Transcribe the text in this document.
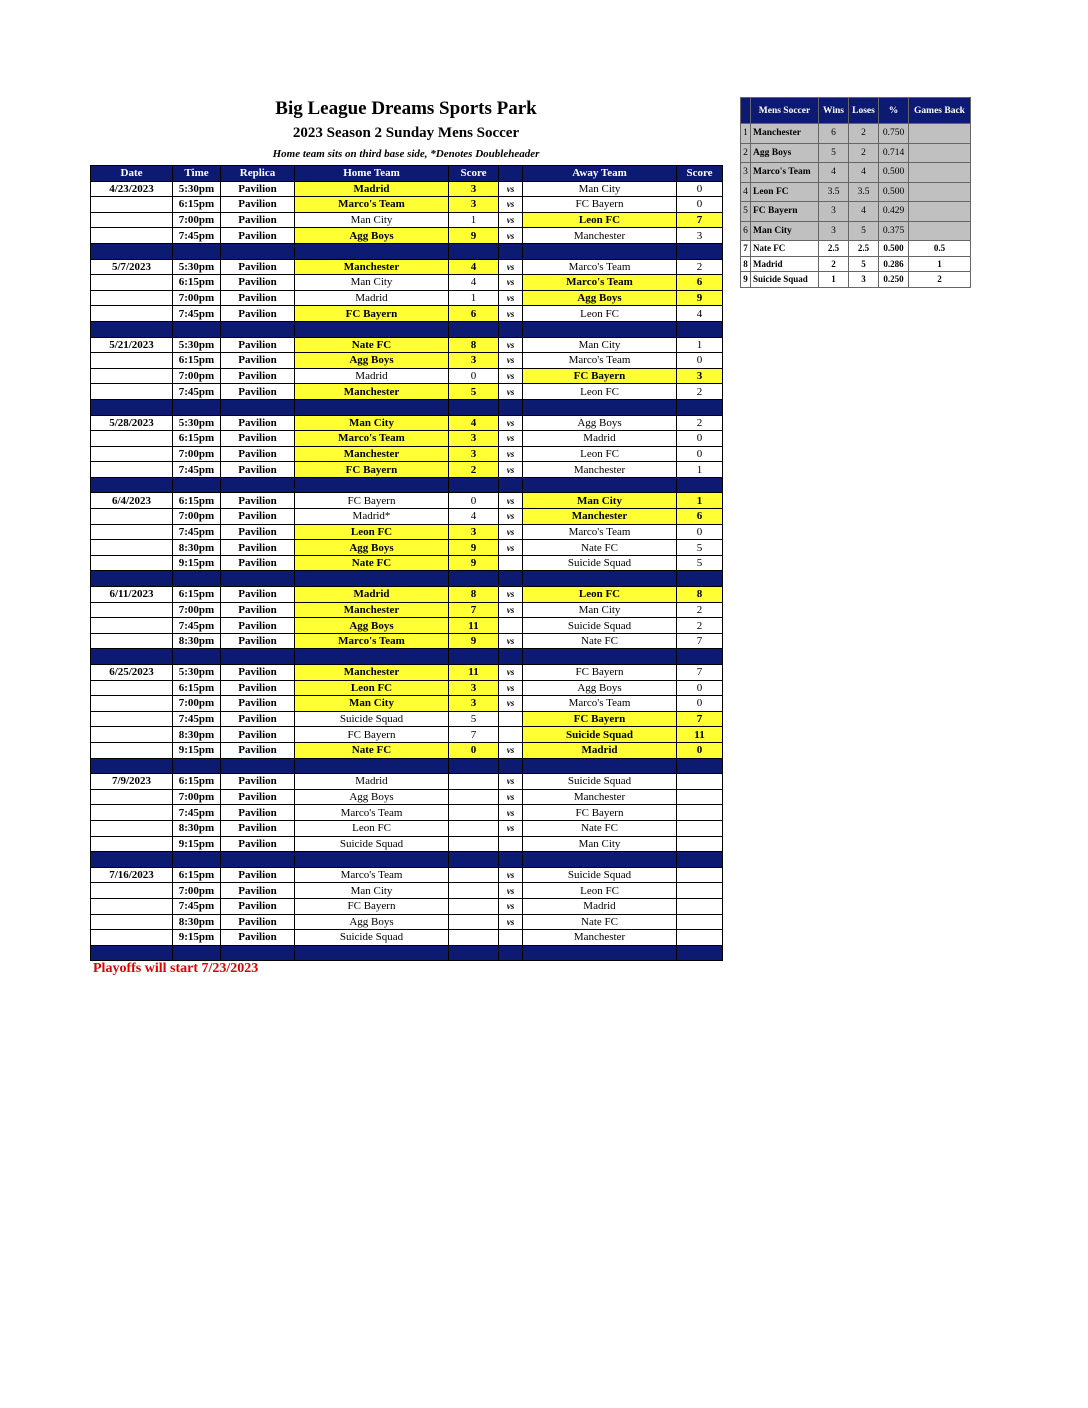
Big League Dreams Sports Park
2023 Season 2 Sunday Mens Soccer
Home team sits on third base side, *Denotes Doubleheader
Date	Time	Replica	Home Team	Score		Away Team	Score
4/23/2023	5:30pm	Pavilion	Madrid	3	vs	Man City	0
	6:15pm	Pavilion	Marco's Team	3	vs	FC Bayern	0
	7:00pm	Pavilion	Man City	1	vs	Leon FC	7
	7:45pm	Pavilion	Agg Boys	9	vs	Manchester	3

5/7/2023	5:30pm	Pavilion	Manchester	4	vs	Marco's Team	2
	6:15pm	Pavilion	Man City	4	vs	Marco's Team	6
	7:00pm	Pavilion	Madrid	1	vs	Agg Boys	9
	7:45pm	Pavilion	FC Bayern	6	vs	Leon FC	4

5/21/2023	5:30pm	Pavilion	Nate FC	8	vs	Man City	1
	6:15pm	Pavilion	Agg Boys	3	vs	Marco's Team	0
	7:00pm	Pavilion	Madrid	0	vs	FC Bayern	3
	7:45pm	Pavilion	Manchester	5	vs	Leon FC	2

5/28/2023	5:30pm	Pavilion	Man City	4	vs	Agg Boys	2
	6:15pm	Pavilion	Marco's Team	3	vs	Madrid	0
	7:00pm	Pavilion	Manchester	3	vs	Leon FC	0
	7:45pm	Pavilion	FC Bayern	2	vs	Manchester	1

6/4/2023	6:15pm	Pavilion	FC Bayern	0	vs	Man City	1
	7:00pm	Pavilion	Madrid*	4	vs	Manchester	6
	7:45pm	Pavilion	Leon FC	3	vs	Marco's Team	0
	8:30pm	Pavilion	Agg Boys	9	vs	Nate FC	5
	9:15pm	Pavilion	Nate FC	9		Suicide Squad	5

6/11/2023	6:15pm	Pavilion	Madrid	8	vs	Leon FC	8
	7:00pm	Pavilion	Manchester	7	vs	Man City	2
	7:45pm	Pavilion	Agg Boys	11		Suicide Squad	2
	8:30pm	Pavilion	Marco's Team	9	vs	Nate FC	7

6/25/2023	5:30pm	Pavilion	Manchester	11	vs	FC Bayern	7
	6:15pm	Pavilion	Leon FC	3	vs	Agg Boys	0
	7:00pm	Pavilion	Man City	3	vs	Marco's Team	0
	7:45pm	Pavilion	Suicide Squad	5		FC Bayern	7
	8:30pm	Pavilion	FC Bayern	7		Suicide Squad	11
	9:15pm	Pavilion	Nate FC	0	vs	Madrid	0

7/9/2023	6:15pm	Pavilion	Madrid		vs	Suicide Squad	
	7:00pm	Pavilion	Agg Boys		vs	Manchester	
	7:45pm	Pavilion	Marco's Team		vs	FC Bayern	
	8:30pm	Pavilion	Leon FC		vs	Nate FC	
	9:15pm	Pavilion	Suicide Squad			Man City	

7/16/2023	6:15pm	Pavilion	Marco's Team		vs	Suicide Squad	
	7:00pm	Pavilion	Man City		vs	Leon FC	
	7:45pm	Pavilion	FC Bayern		vs	Madrid	
	8:30pm	Pavilion	Agg Boys		vs	Nate FC	
	9:15pm	Pavilion	Suicide Squad			Manchester	

	Mens Soccer	Wins	Loses	%	Games Back
1	Manchester	6	2	0.750	
2	Agg Boys	5	2	0.714	
3	Marco's Team	4	4	0.500	
4	Leon FC	3.5	3.5	0.500	
5	FC Bayern	3	4	0.429	
6	Man City	3	5	0.375	
7	Nate FC	2.5	2.5	0.500	0.5
8	Madrid	2	5	0.286	1
9	Suicide Squad	1	3	0.250	2
Playoffs will start 7/23/2023
